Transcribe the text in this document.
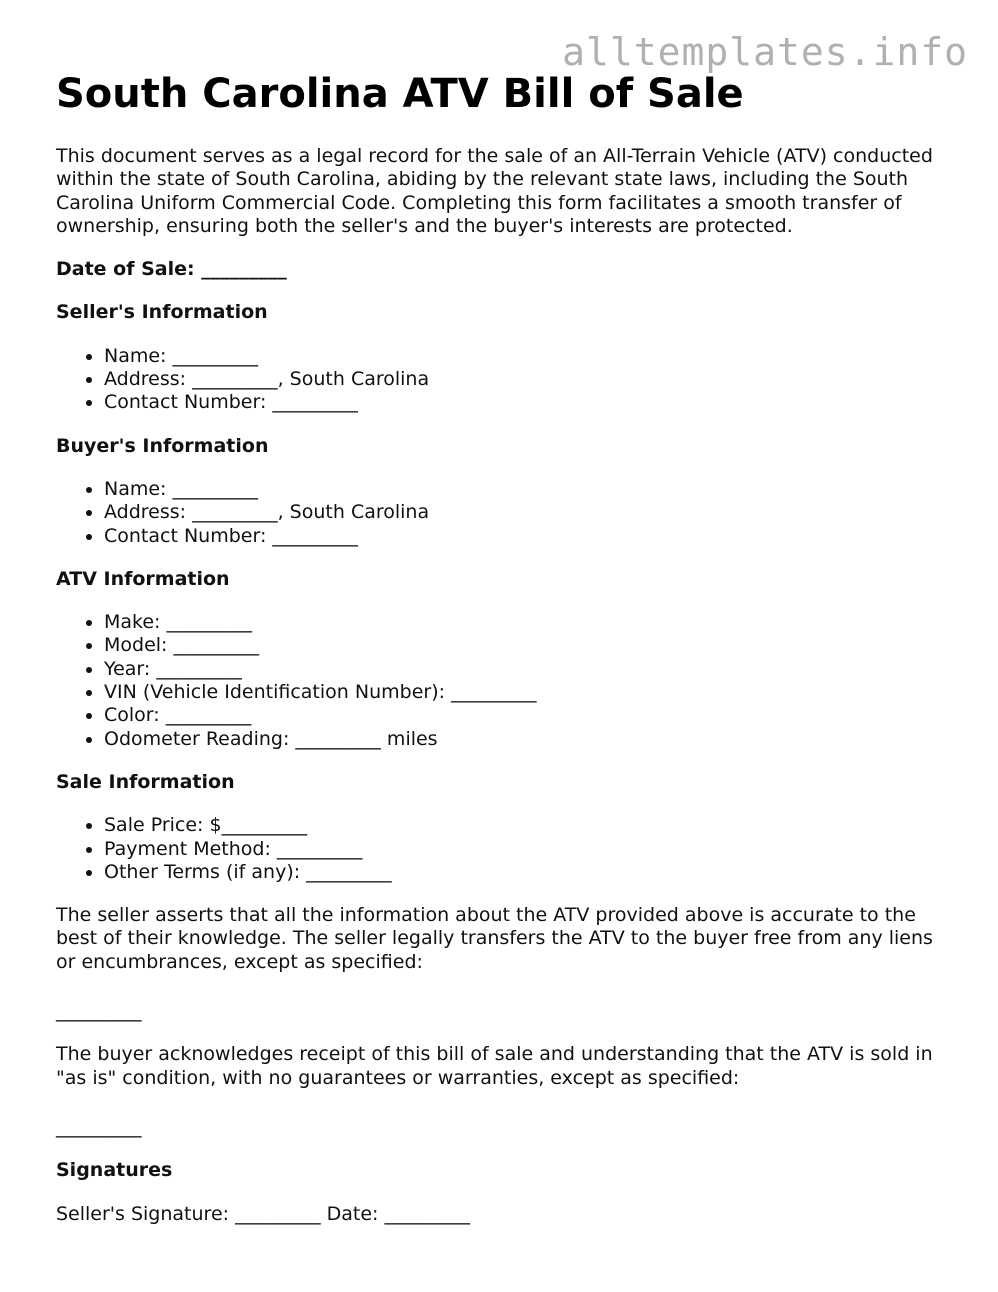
alltemplates.info
South Carolina ATV Bill of Sale

This document serves as a legal record for the sale of an All-Terrain Vehicle (ATV) conducted within the state of South Carolina, abiding by the relevant state laws, including the South Carolina Uniform Commercial Code. Completing this form facilitates a smooth transfer of ownership, ensuring both the seller's and the buyer's interests are protected.

Date of Sale: _________

Seller's Information

• Name: _________
• Address: _________, South Carolina
• Contact Number: _________

Buyer's Information

• Name: _________
• Address: _________, South Carolina
• Contact Number: _________

ATV Information

• Make: _________
• Model: _________
• Year: _________
• VIN (Vehicle Identification Number): _________
• Color: _________
• Odometer Reading: _________ miles

Sale Information

• Sale Price: $_________
• Payment Method: _________
• Other Terms (if any): _________

The seller asserts that all the information about the ATV provided above is accurate to the best of their knowledge. The seller legally transfers the ATV to the buyer free from any liens or encumbrances, except as specified:

_________

The buyer acknowledges receipt of this bill of sale and understanding that the ATV is sold in "as is" condition, with no guarantees or warranties, except as specified:

_________

Signatures

Seller's Signature: _________ Date: _________
